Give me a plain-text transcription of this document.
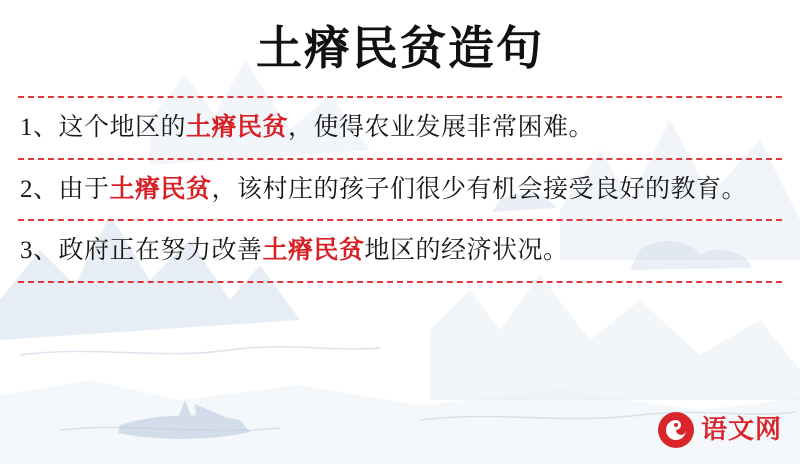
土瘠民贫造句
1、这个地区的土瘠民贫，使得农业发展非常困难。
2、由于土瘠民贫，该村庄的孩子们很少有机会接受良好的教育。
3、政府正在努力改善土瘠民贫地区的经济状况。
语文网
